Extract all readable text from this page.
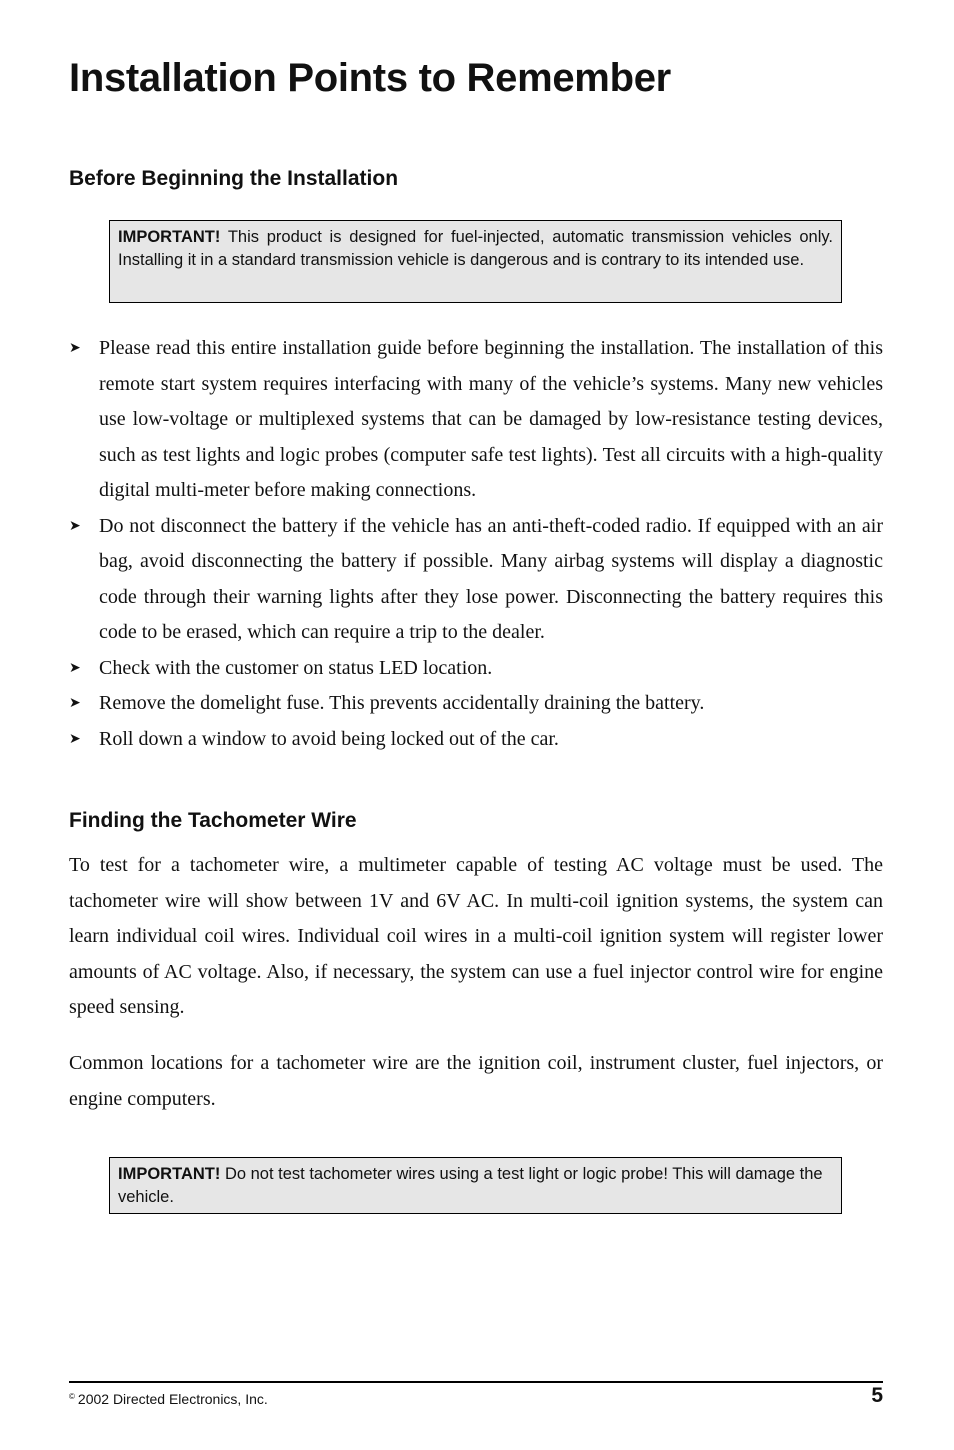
Installation Points to Remember
Before Beginning the Installation
IMPORTANT! This product is designed for fuel-injected, automatic transmission vehicles only. Installing it in a standard transmission vehicle is dangerous and is contrary to its intended use.
➤ Please read this entire installation guide before beginning the installation. The installation of this remote start system requires interfacing with many of the vehicle’s systems. Many new vehicles use low-voltage or multiplexed systems that can be damaged by low-resistance testing devices, such as test lights and logic probes (computer safe test lights). Test all circuits with a high-quality digital multi-meter before making connections.
➤ Do not disconnect the battery if the vehicle has an anti-theft-coded radio. If equipped with an air bag, avoid disconnecting the battery if possible. Many airbag systems will display a diagnostic code through their warning lights after they lose power. Disconnecting the battery requires this code to be erased, which can require a trip to the dealer.
➤ Check with the customer on status LED location.
➤ Remove the domelight fuse. This prevents accidentally draining the battery.
➤ Roll down a window to avoid being locked out of the car.
Finding the Tachometer Wire

To test for a tachometer wire, a multimeter capable of testing AC voltage must be used. The tachometer wire will show between 1V and 6V AC. In multi-coil ignition systems, the system can learn individual coil wires. Individual coil wires in a multi-coil ignition system will register lower amounts of AC voltage. Also, if necessary, the system can use a fuel injector control wire for engine speed sensing.

Common locations for a tachometer wire are the ignition coil, instrument cluster, fuel injectors, or engine computers.

IMPORTANT! Do not test tachometer wires using a test light or logic probe! This will damage the vehicle.
© 2002 Directed Electronics, Inc.	5
